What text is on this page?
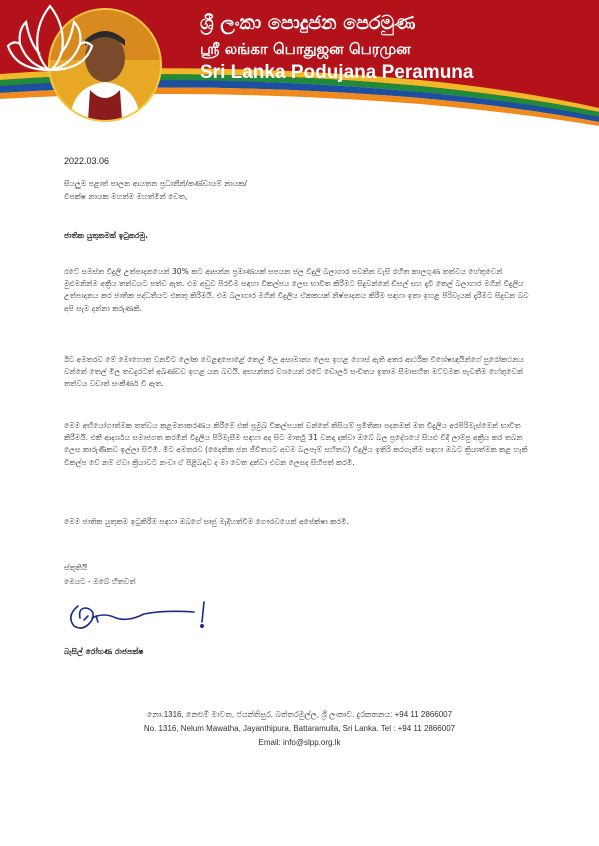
ශ්‍රී ලංකා පොදුජන පෙරමුණ
ஸ்ரீ லங்கா பொதுஜன பெரமுன
Sri Lanka Podujana Peramuna
2022.03.06
සියලුම පළාත් පාලන ආයතන ප්‍රධානීන්/කණ්ඩායම් නායක/
විපක්ෂ නායක මහත්ම මහත්මීන් වෙත,
ජාතික යුතුකමක් ඉටුකරමු.
රටේ සමස්ත විදුලි උත්පාදනයෙන් 30% කට ආසන්න ප්‍රමාණයක් සපයන ජල විදුලි බලාගාර පවතින වැසි රහිත කාලගුණ තත්වය හේතුවෙන් මුළුමනින්ම අක්‍රීය තත්වයට පත්ව ඇත. එම අඩුව පිරවීම සඳහා විකල්පය ලෙස භාවිත කිරීමට සිදුවන්නේ ඩීසල් සහ දැවි තෙල් බලාගාර මගින් විදුලිය උත්පාදනය කර ජාතික පද්ධතියට එකතු කිරීමයි. එම බලාගාර මගින් විදුලිය ඒකකයක් නිෂ්පාදනය කිරීම සඳහා ඉතා ඉහළ පිරිවැයක් දැරීමට සිදුවන බව අපි සැම දන්නා කරුණකි.
ඊට අමතරව මේ මොහොත වනවිට ලෝක වෙළඳපොළේ තෙල් මිල අසාමාන්‍ය ලෙස ඉහළ ගොස් ඇති අතර ආර්ථික විශේෂඥයින්ගේ පුරෝකථනය වන්නේ තෙල් මිල තවදුරටත් අඛණ්ඩව ඉහළ යන බවයි. අභ්‍යන්තර වශයෙන් රටේ ඩොලර් සංචිතය ඉතාම සීමාසහිත මට්ටමක පැවතීම හේතුවෙන් තත්වය වඩාත් සංකීර්ණ වී ඇත.
මෙම අභියෝගාත්මක තත්වය කළමනාකරණය කිරීමේ එක් ප්‍රමුඛ විකල්පයක් වන්නේ කිසියම් ප්‍රමිතිකා පදනමක් මත විදුලිය අරපිරිමැස්මෙන් භාවිත කිරීමයි. එකී ආදර්ශය සමාජගත කරමින් විදුලිය පිරිමැසීම සඳහා අද සිට මාර්තු 31 වනදා දක්වා ඔබේ බල ප්‍රදේශයේ සියළු වීදි ලාම්පු අක්‍රීය කර තබන ලෙස කාරුණිකව ඉල්ලා සිටිමි. මීට අමතරව (දෛනික ජන ජීවිතයට අවම බලපෑම් සහිතව) විදුලිය ඉතිරි කරගැනීම සඳහා ඔබට ක්‍රියාත්මක කළ හැකි විකල්ප වේ නම් ඒවා ක්‍රියාවට නංවා ඒ පිළිබඳව ද මා වෙත දන්වා එවන ලෙසද සිහිපත් කරමි.
මෙම ජාතික යුතුකම ඉටුකිරීම සඳහා ඔබගේ සෘජු මැදිහත්වීම ගෞරවයෙන් අපේක්ෂා කරමි.
ස්තූතියි
මෙයට - ඔබේ හිතවත්
බැසිල් රෝහණ රාජපක්ෂ
නො.1316, නෙළුම් මාවත, ජයන්තිපුර, බත්තරමුල්ල, ශ්‍රී ලංකාව. දුරකතනය: +94 11 2866007
No. 1316, Nelum Mawatha, Jayanthipura, Battaramulla, Sri Lanka. Tel : +94 11 2866007
Email: info@slpp.org.lk
